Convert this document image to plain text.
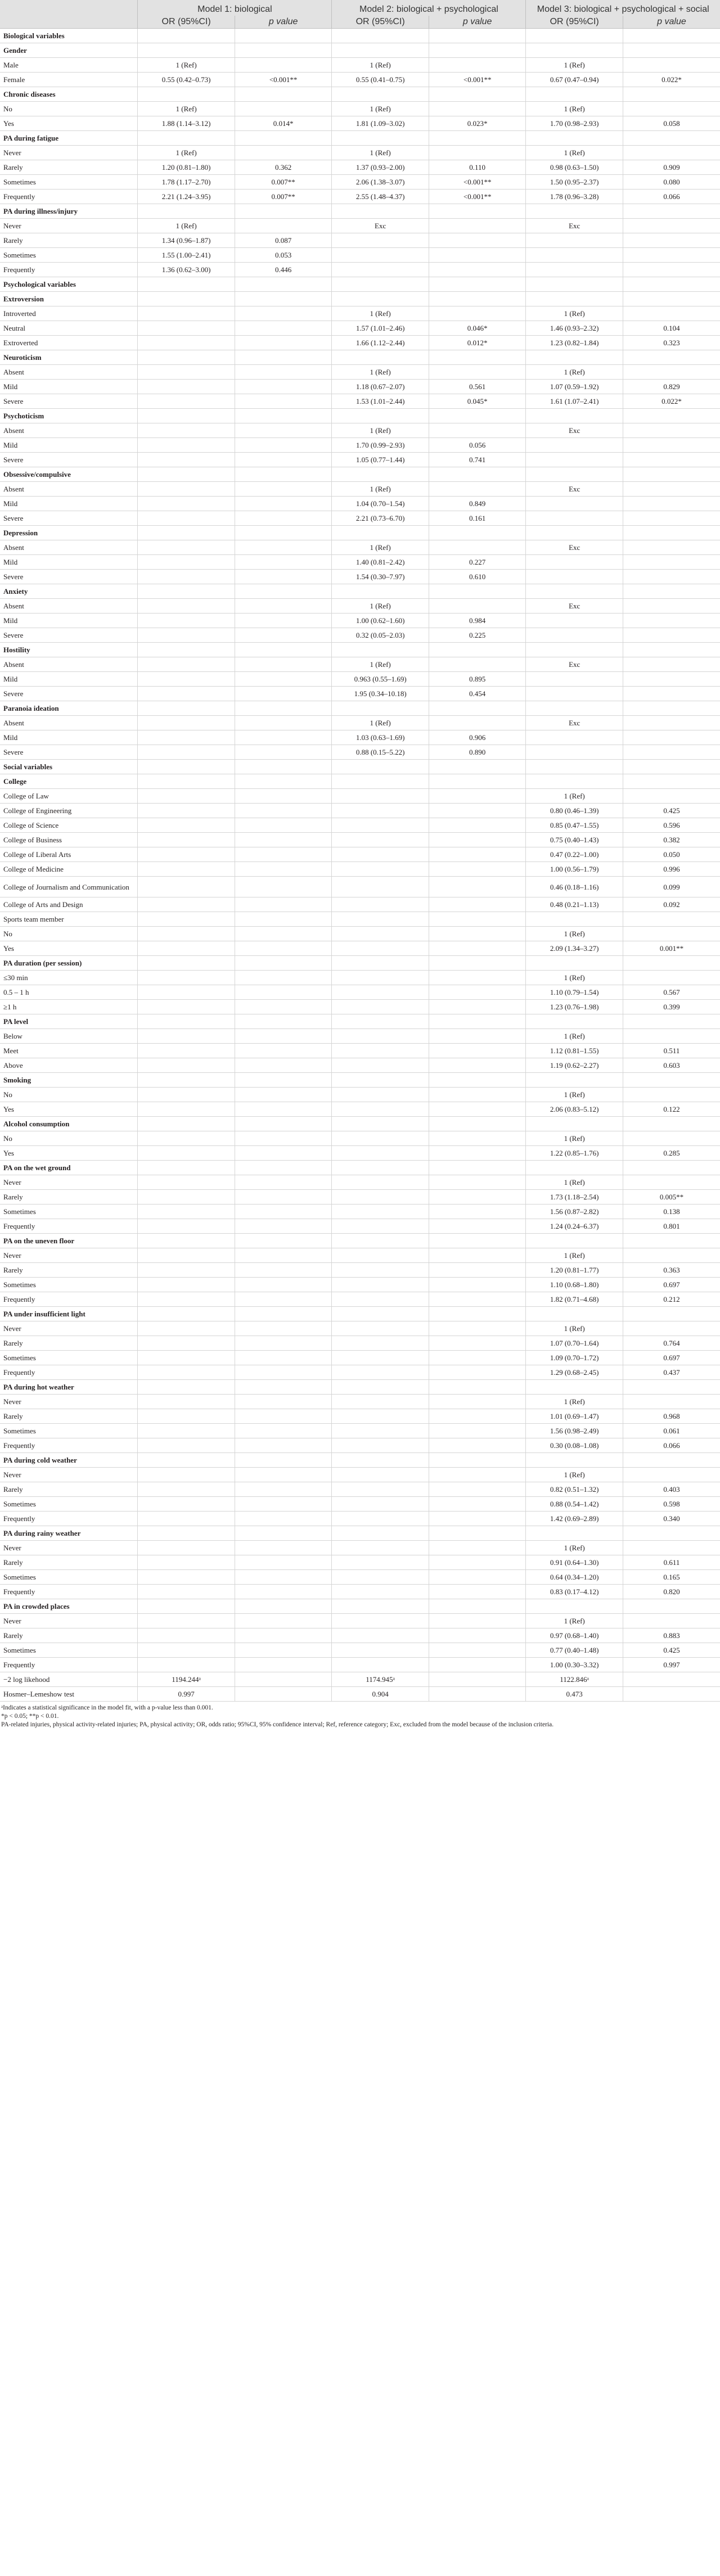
	Model 1: biological		Model 2: biological + psychological		Model 3: biological + psychological + social	
	OR (95%CI)	p value	OR (95%CI)	p value	OR (95%CI)	p value
Biological variables						
Gender						
Male	1 (Ref)		1 (Ref)		1 (Ref)	
Female	0.55 (0.42–0.73)	<0.001**	0.55 (0.41–0.75)	<0.001**	0.67 (0.47–0.94)	0.022*
Chronic diseases						
No	1 (Ref)		1 (Ref)		1 (Ref)	
Yes	1.88 (1.14–3.12)	0.014*	1.81 (1.09–3.02)	0.023*	1.70 (0.98–2.93)	0.058
PA during fatigue						
Never	1 (Ref)		1 (Ref)		1 (Ref)	
Rarely	1.20 (0.81–1.80)	0.362	1.37 (0.93–2.00)	0.110	0.98 (0.63–1.50)	0.909
Sometimes	1.78 (1.17–2.70)	0.007**	2.06 (1.38–3.07)	<0.001**	1.50 (0.95–2.37)	0.080
Frequently	2.21 (1.24–3.95)	0.007**	2.55 (1.48–4.37)	<0.001**	1.78 (0.96–3.28)	0.066
PA during illness/injury						
Never	1 (Ref)		Exc		Exc	
Rarely	1.34 (0.96–1.87)	0.087				
Sometimes	1.55 (1.00–2.41)	0.053				
Frequently	1.36 (0.62–3.00)	0.446				
Psychological variables						
Extroversion						
Introverted			1 (Ref)		1 (Ref)	
Neutral			1.57 (1.01–2.46)	0.046*	1.46 (0.93–2.32)	0.104
Extroverted			1.66 (1.12–2.44)	0.012*	1.23 (0.82–1.84)	0.323
Neuroticism						
Absent			1 (Ref)		1 (Ref)	
Mild			1.18 (0.67–2.07)	0.561	1.07 (0.59–1.92)	0.829
Severe			1.53 (1.01–2.44)	0.045*	1.61 (1.07–2.41)	0.022*
Psychoticism						
Absent			1 (Ref)		Exc	
Mild			1.70 (0.99–2.93)	0.056		
Severe			1.05 (0.77–1.44)	0.741		
Obsessive/compulsive						
Absent			1 (Ref)		Exc	
Mild			1.04 (0.70–1.54)	0.849		
Severe			2.21 (0.73–6.70)	0.161		
Depression						
Absent			1 (Ref)		Exc	
Mild			1.40 (0.81–2.42)	0.227		
Severe			1.54 (0.30–7.97)	0.610		
Anxiety						
Absent			1 (Ref)		Exc	
Mild			1.00 (0.62–1.60)	0.984		
Severe			0.32 (0.05–2.03)	0.225		
Hostility						
Absent			1 (Ref)		Exc	
Mild			0.963 (0.55–1.69)	0.895		
Severe			1.95 (0.34–10.18)	0.454		
Paranoia ideation						
Absent			1 (Ref)		Exc	
Mild			1.03 (0.63–1.69)	0.906		
Severe			0.88 (0.15–5.22)	0.890		
Social variables						
College						
College of Law					1 (Ref)	
College of Engineering					0.80 (0.46–1.39)	0.425
College of Science					0.85 (0.47–1.55)	0.596
College of Business					0.75 (0.40–1.43)	0.382
College of Liberal Arts					0.47 (0.22–1.00)	0.050
College of Medicine					1.00 (0.56–1.79)	0.996
College of Journalism and Communication					0.46 (0.18–1.16)	0.099
College of Arts and Design					0.48 (0.21–1.13)	0.092
Sports team member						
No					1 (Ref)	
Yes					2.09 (1.34–3.27)	0.001**
PA duration (per session)						
≤30 min					1 (Ref)	
0.5 – 1 h					1.10 (0.79–1.54)	0.567
≥1 h					1.23 (0.76–1.98)	0.399
PA level						
Below					1 (Ref)	
Meet					1.12 (0.81–1.55)	0.511
Above					1.19 (0.62–2.27)	0.603
Smoking						
No					1 (Ref)	
Yes					2.06 (0.83–5.12)	0.122
Alcohol consumption						
No					1 (Ref)	
Yes					1.22 (0.85–1.76)	0.285
PA on the wet ground						
Never					1 (Ref)	
Rarely					1.73 (1.18–2.54)	0.005**
Sometimes					1.56 (0.87–2.82)	0.138
Frequently					1.24 (0.24–6.37)	0.801
PA on the uneven floor						
Never					1 (Ref)	
Rarely					1.20 (0.81–1.77)	0.363
Sometimes					1.10 (0.68–1.80)	0.697
Frequently					1.82 (0.71–4.68)	0.212
PA under insufficient light						
Never					1 (Ref)	
Rarely					1.07 (0.70–1.64)	0.764
Sometimes					1.09 (0.70–1.72)	0.697
Frequently					1.29 (0.68–2.45)	0.437
PA during hot weather						
Never					1 (Ref)	
Rarely					1.01 (0.69–1.47)	0.968
Sometimes					1.56 (0.98–2.49)	0.061
Frequently					0.30 (0.08–1.08)	0.066
PA during cold weather						
Never					1 (Ref)	
Rarely					0.82 (0.51–1.32)	0.403
Sometimes					0.88 (0.54–1.42)	0.598
Frequently					1.42 (0.69–2.89)	0.340
PA during rainy weather						
Never					1 (Ref)	
Rarely					0.91 (0.64–1.30)	0.611
Sometimes					0.64 (0.34–1.20)	0.165
Frequently					0.83 (0.17–4.12)	0.820
PA in crowded places						
Never					1 (Ref)	
Rarely					0.97 (0.68–1.40)	0.883
Sometimes					0.77 (0.40–1.48)	0.425
Frequently					1.00 (0.30–3.32)	0.997
−2 log likehood	1194.244ᵃ		1174.945ᵃ		1122.846ᵃ	
Hosmer–Lemeshow test	0.997		0.904		0.473	

ᵃIndicates a statistical significance in the model fit, with a p-value less than 0.001.

*p < 0.05; **p < 0.01.

PA-related injuries, physical activity-related injuries; PA, physical activity; OR, odds ratio; 95%CI, 95% confidence interval; Ref, reference category; Exc, excluded from the model because of the inclusion criteria.
